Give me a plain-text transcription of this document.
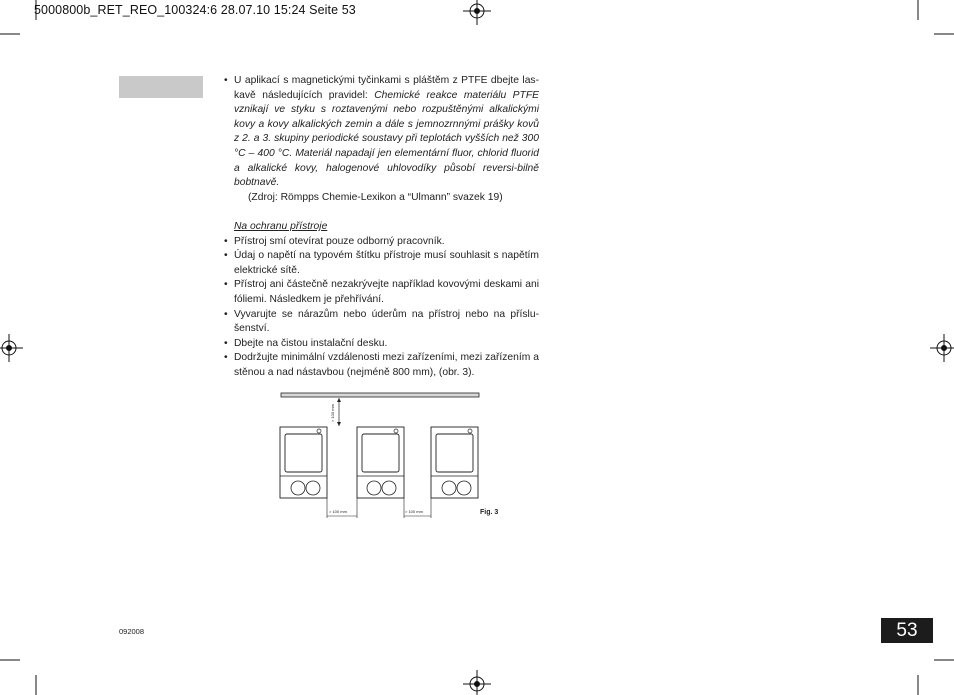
5000800b_RET_REO_100324:6 28.07.10 15:24 Seite 53

• U aplikací s magnetickými tyčinkami s pláštěm z PTFE dbejte las- kavě následujících pravidel: Chemické reakce materiálu PTFE vznikají ve styku s roztavenými nebo rozpuštěnými alkalickými kovy a kovy alkalických zemin a dále s jemnozrnnými prášky kovů z 2. a 3. skupiny periodické soustavy při teplotách vyšších než 300 °C – 400 °C. Materiál napadají jen elementární fluor, chlorid fluorid a alkalické kovy, halogenové uhlovodíky působí reversi-bilně bobtnavě.

(Zdroj: Römpps Chemie-Lexikon a “Ulmann” svazek 19)

Na ochranu přístroje

• Přístroj smí otevírat pouze odborný pracovník.

• Údaj o napětí na typovém štítku přístroje musí souhlasit s napětím elektrické sítě.

• Přístroj ani částečně nezakrývejte například kovovými deskami ani fóliemi. Následkem je přehřívání.

• Vyvarujte se nárazům nebo úderům na přístroj nebo na příslu-šenství.

• Dbejte na čistou instalační desku.

• Dodržujte minimální vzdálenosti mezi zařízeními, mezi zařízením a stěnou a nad nástavbou (nejméně 800 mm), (obr. 3).

> 100 mm
> 100 mm	> 100 mm	Fig. 3
092008	53
